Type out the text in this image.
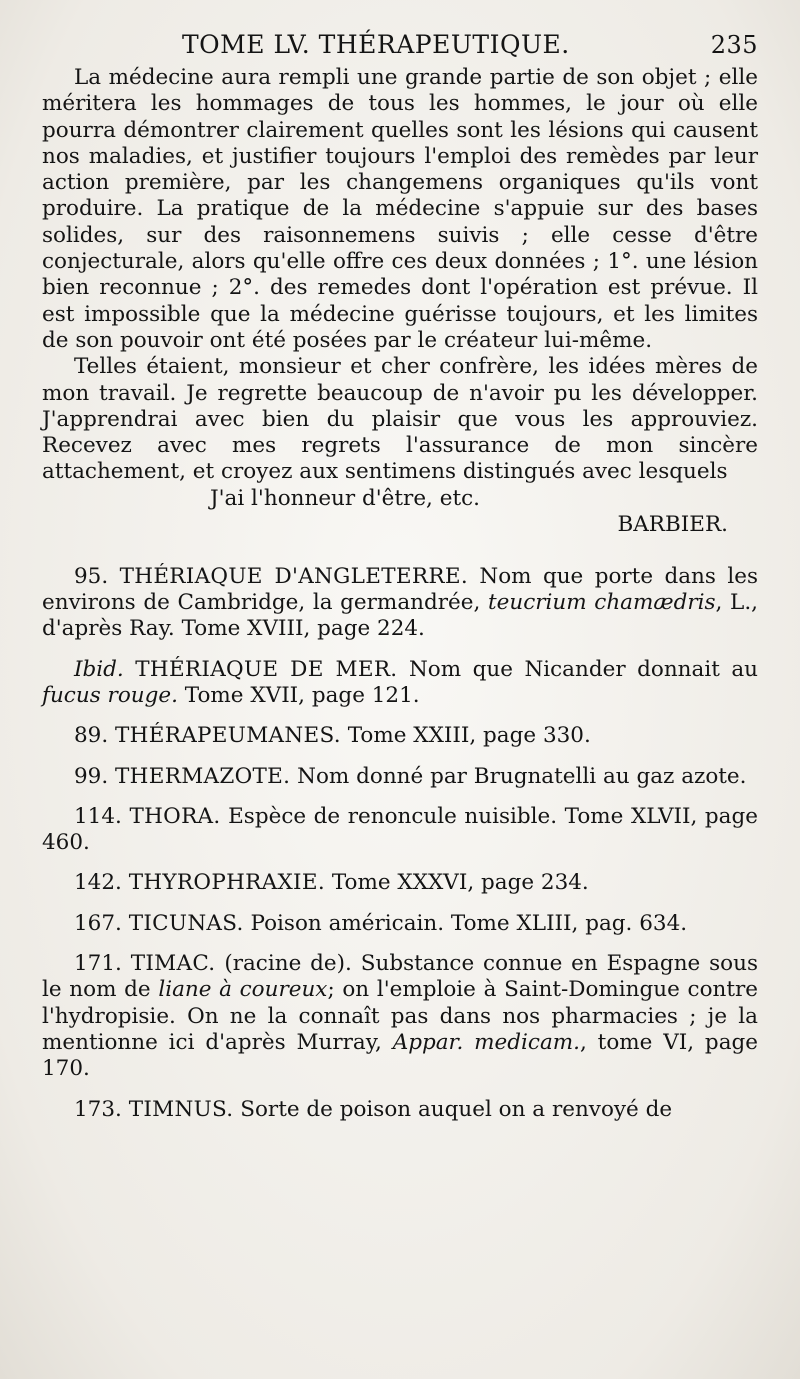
TOME LV. THÉRAPEUTIQUE.	235

La médecine aura rempli une grande partie de son objet ; elle méritera les hommages de tous les hommes, le jour où elle pourra démontrer clairement quelles sont les lésions qui causent nos maladies, et justifier toujours l'emploi des remèdes par leur action première, par les changemens organiques qu'ils vont produire. La pratique de la médecine s'appuie sur des bases solides, sur des raisonnemens suivis ; elle cesse d'être conjecturale, alors qu'elle offre ces deux données ; 1°. une lésion bien reconnue ; 2°. des remedes dont l'opération est prévue. Il est impossible que la médecine guérisse toujours, et les limites de son pouvoir ont été posées par le créateur lui-même.

Telles étaient, monsieur et cher confrère, les idées mères de mon travail. Je regrette beaucoup de n'avoir pu les développer. J'apprendrai avec bien du plaisir que vous les approuviez. Recevez avec mes regrets l'assurance de mon sincère attachement, et croyez aux sentimens distingués avec lesquels

J'ai l'honneur d'être, etc.
BARBIER.

95. THÉRIAQUE D'ANGLETERRE. Nom que porte dans les environs de Cambridge, la germandrée, teucrium chamædris, L., d'après Ray. Tome XVIII, page 224.

Ibid. THÉRIAQUE DE MER. Nom que Nicander donnait au fucus rouge. Tome XVII, page 121.

89. THÉRAPEUMANES. Tome XXIII, page 330.

99. THERMAZOTE. Nom donné par Brugnatelli au gaz azote.

114. THORA. Espèce de renoncule nuisible. Tome XLVII, page 460.

142. THYROPHRAXIE. Tome XXXVI, page 234.

167. TICUNAS. Poison américain. Tome XLIII, pag. 634.

171. TIMAC. (racine de). Substance connue en Espagne sous le nom de liane à coureux; on l'emploie à Saint-Domingue contre l'hydropisie. On ne la connaît pas dans nos pharmacies ; je la mentionne ici d'après Murray, Appar. medicam., tome VI, page 170.

173. TIMNUS. Sorte de poison auquel on a renvoyé de
